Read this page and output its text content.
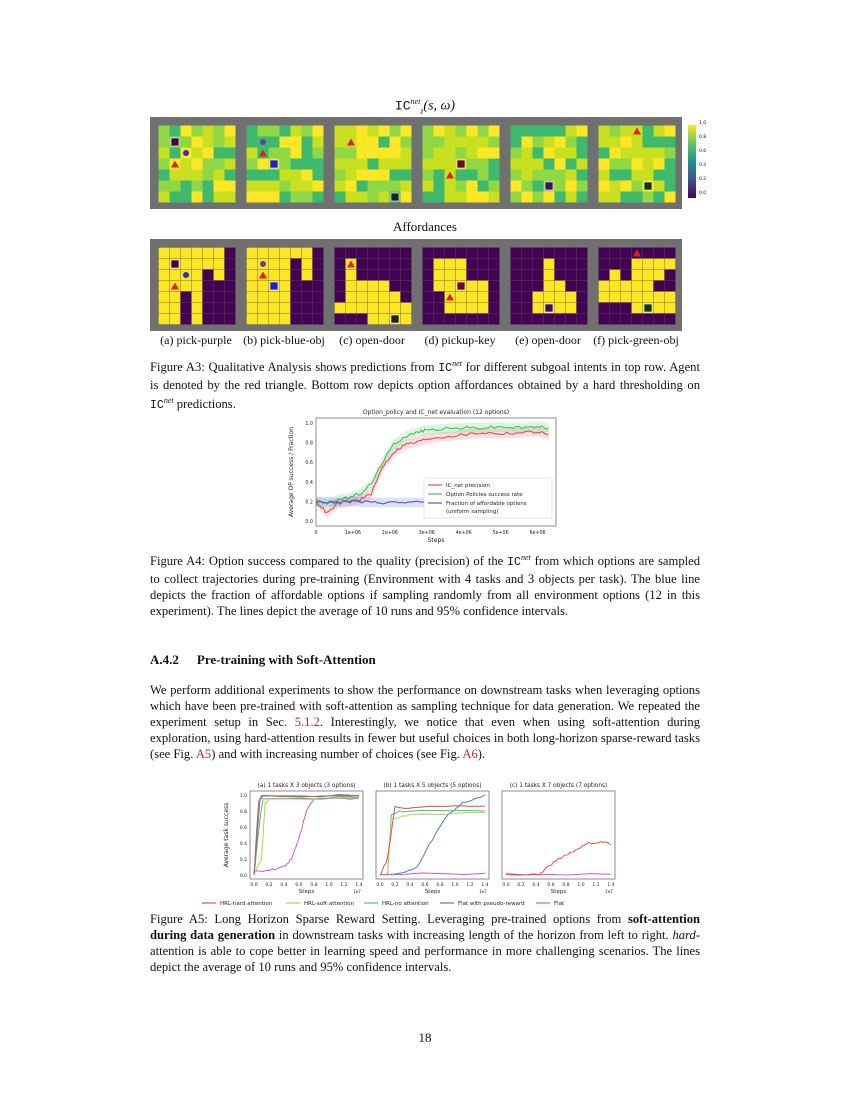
$IC^{net}_z(s$, ω)
1.0
0.8
0.6
0.4
0.2
0.0
Affordances
(a) pick-purple (b) pick-blue-obj	(c) open-door	(d) pickup-key	(e) open-door	(f) pick-green-obj
Figure A3: Qualitative Analysis shows predictions from $IC^{net}$ for different subgoal intents in top row. Agent is denoted by the red triangle. Bottom row depicts option affordances obtained by a hard thresholding on $IC^{net}$ predictions.
Option_policy and IC_net evaluation (12 options)
0	1e+06	2e+06	3e+06	4e+06	5e+06	6e+06
0.0
0.2
0.4
0.6
0.8
1.0
Steps
Average OP success / Fraction	IC_net precision
Option Policies success rate
Fraction of affordable options
(uniform sampling)
Figure A4: Option success compared to the quality (precision) of the $IC^{net}$ from which options are sampled to collect trajectories during pre-training (Environment with 4 tasks and 3 objects per task). The blue line depicts the fraction of affordable options if sampling randomly from all environment options (12 in this experiment). The lines depict the average of 10 runs and 95% confidence intervals.
A.4.2 Pre-training with Soft-Attention
We perform additional experiments to show the performance on downstream tasks when leveraging options which have been pre-trained with soft-attention as sampling technique for data generation. We repeated the experiment setup in Sec. 5.1.2. Interestingly, we notice that even when using soft-attention during exploration, using hard-attention results in fewer but useful choices in both long-horizon sparse-reward tasks (see Fig. A5) and with increasing number of choices (see Fig. A6).
(a) 1 tasks X 3 objects (3 options)
0.0 0.2 0.4 0.6 0.8 1.0 1.2 1.4
Steps	1e7
0.0
0.2
0.4
0.6
0.8
1.0
Average task success
(b) 1 tasks X 5 objects (5 options)
0.0 0.2 0.4 0.6 0.8 1.0 1.2 1.4
Steps	1e7
(c) 1 tasks X 7 objects (7 options)
0.0 0.2 0.4 0.6 0.8 1.0 1.2 1.4
Steps	1e7
HRL-hard attention	HRL-soft attention	HRL-no attention	Flat with pseudo-reward	Flat
Figure A5: Long Horizon Sparse Reward Setting. Leveraging pre-trained options from soft-attention during data generation in downstream tasks with increasing length of the horizon from left to right. hard-attention is able to cope better in learning speed and performance in more challenging scenarios. The lines depict the average of 10 runs and 95% confidence intervals.
18
